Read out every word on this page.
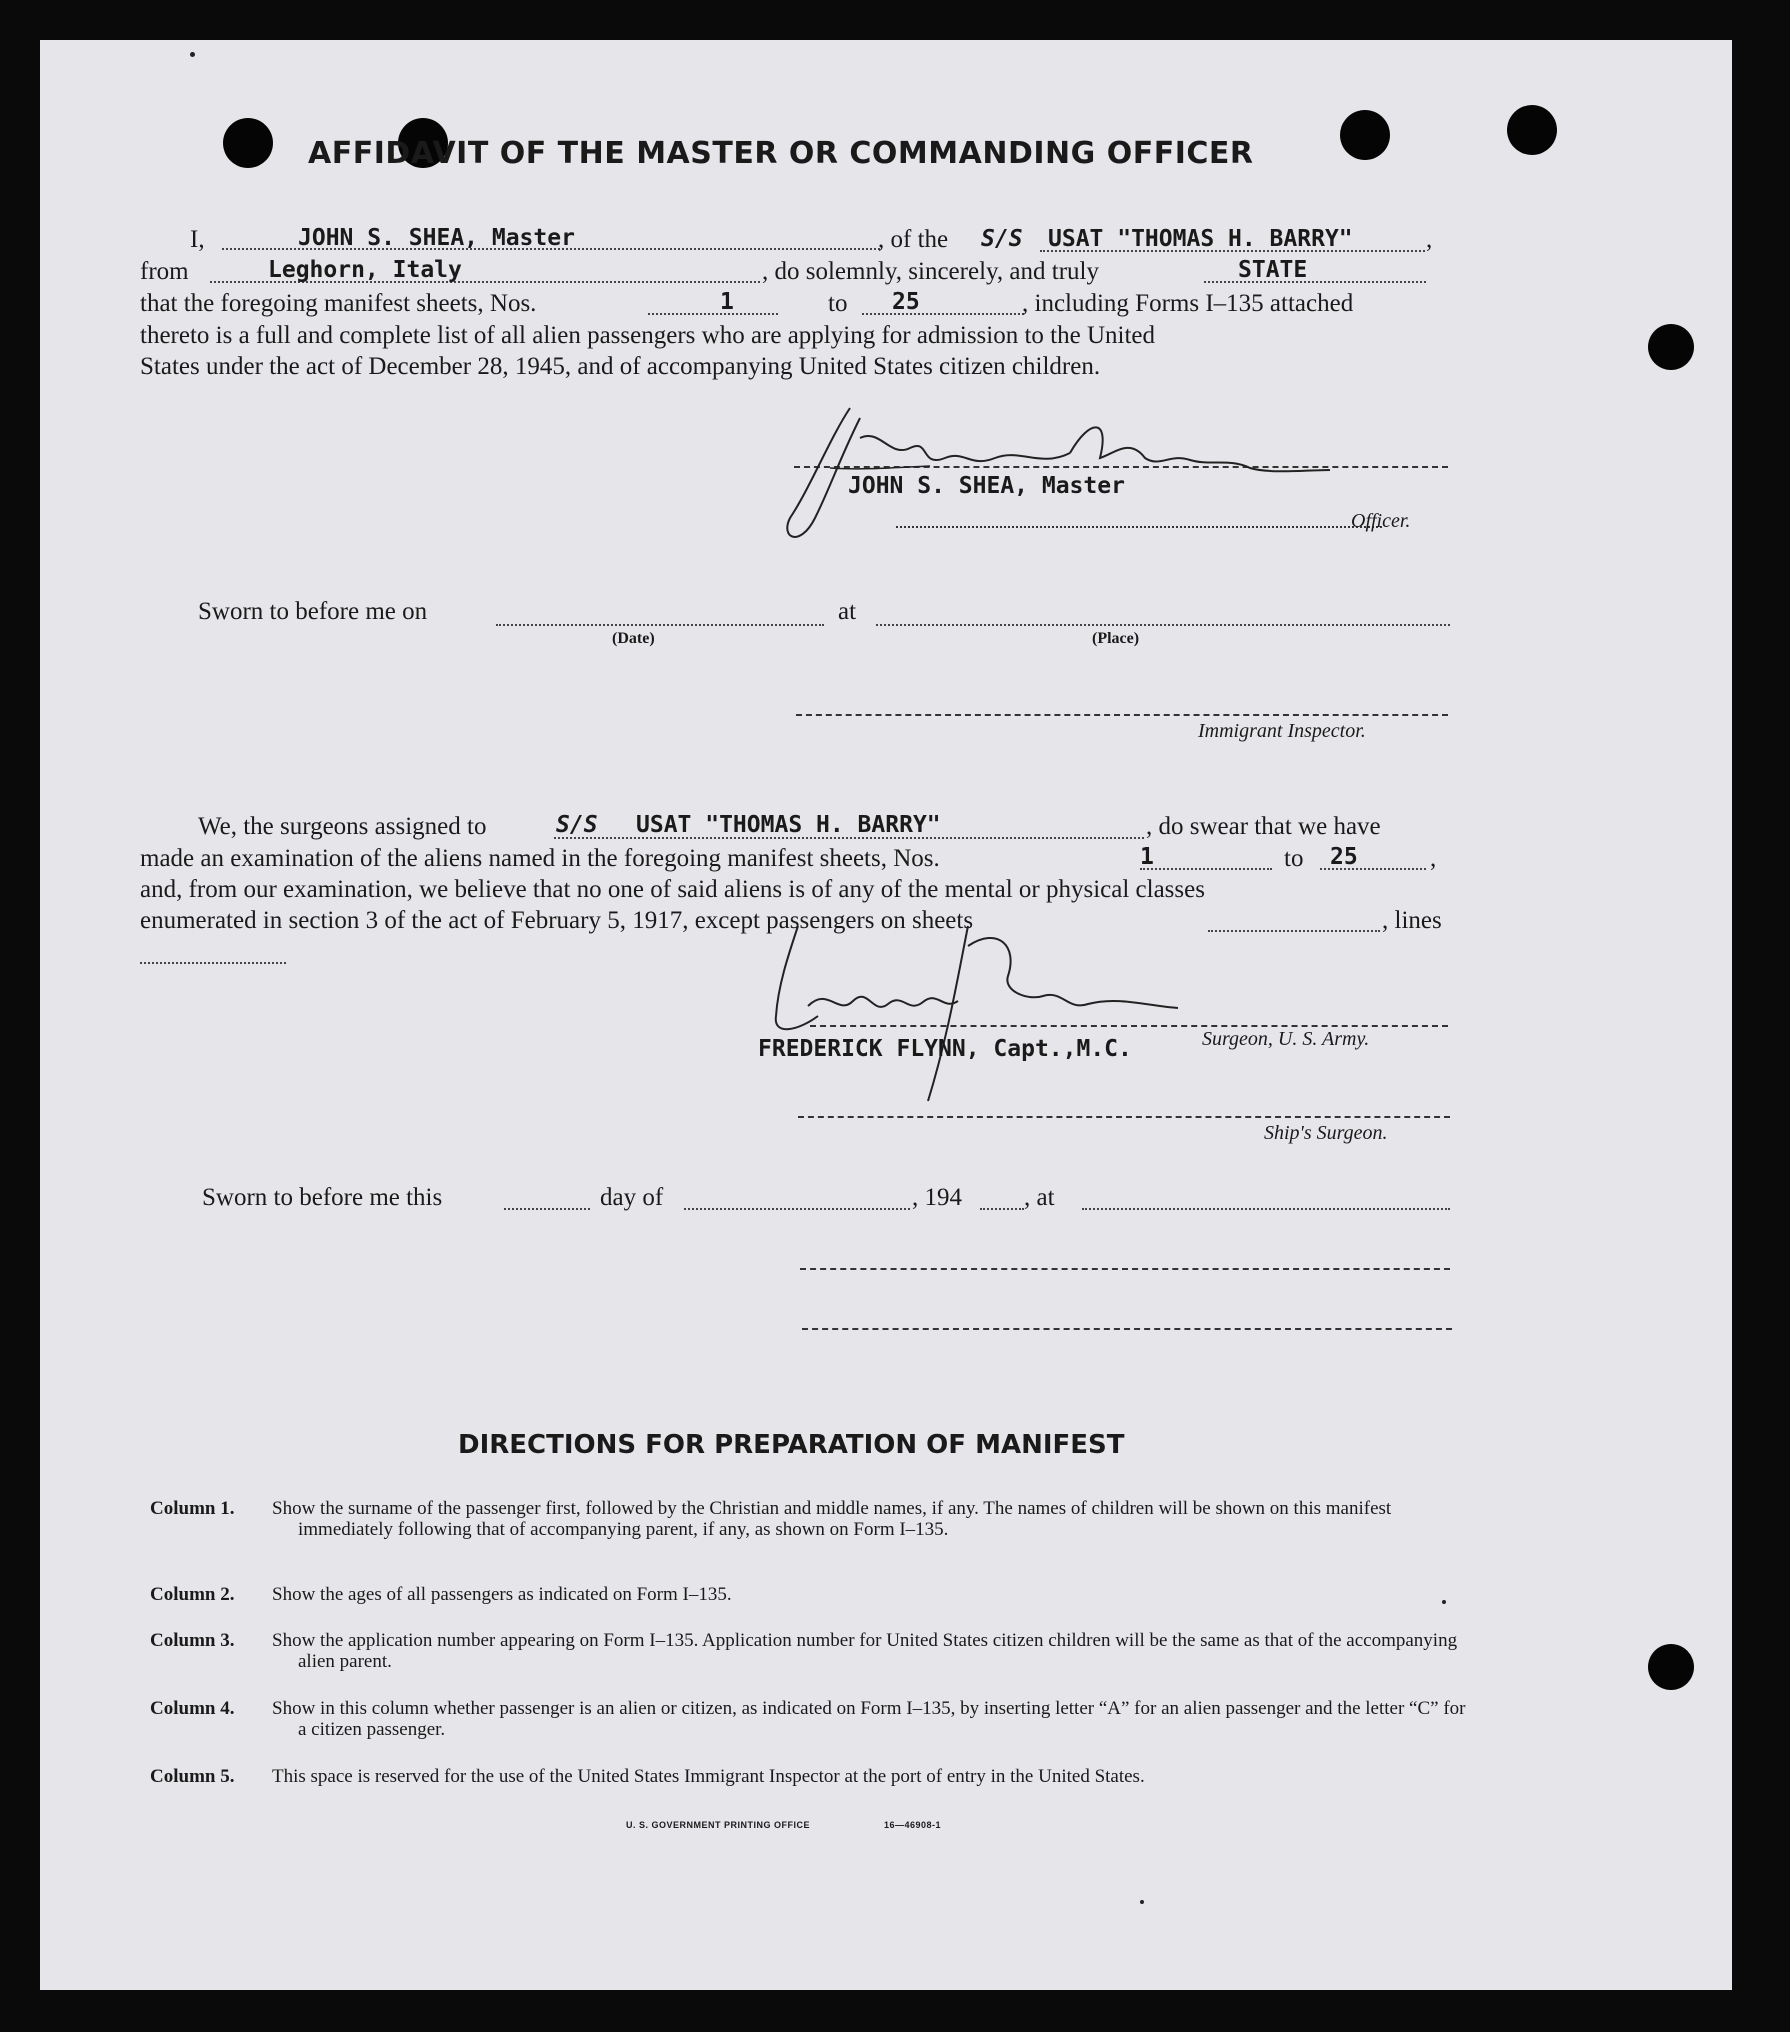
AFFIDAVIT OF THE MASTER OR COMMANDING OFFICER
I,	JOHN S. SHEA, Master	, of the S/S USAT "THOMAS H. BARRY"	,
from	Leghorn, Italy	, do solemnly, sincerely, and truly	STATE
that the foregoing manifest sheets, Nos.	1	to 25	, including Forms I–135 attached
thereto is a full and complete list of all alien passengers who are applying for admission to the United
States under the act of December 28, 1945, and of accompanying United States citizen children.
JOHN S. SHEA, Master
Officer.
Sworn to before me on
(Date)
at
(Place)
Immigrant Inspector.
We, the surgeons assigned to	S/S USAT "THOMAS H. BARRY"	, do swear that we have
made an examination of the aliens named in the foregoing manifest sheets, Nos.	1	to 25	,
and, from our examination, we believe that no one of said aliens is of any of the mental or physical classes
enumerated in section 3 of the act of February 5, 1917, except passengers on sheets	, lines
FREDERICK FLYNN, Capt.,M.C.	Surgeon, U. S. Army.
Ship's Surgeon.
Sworn to before me this	day of	, 194 , at
DIRECTIONS FOR PREPARATION OF MANIFEST
Column 1. Show the surname of the passenger first, followed by the Christian and middle names, if any. The names of children will be shown on this manifest immediately following that of accompanying parent, if any, as shown on Form I–135.
Column 2. Show the ages of all passengers as indicated on Form I–135.
Column 3. Show the application number appearing on Form I–135. Application number for United States citizen children will be the same as that of the accompanying alien parent.
Column 4. Show in this column whether passenger is an alien or citizen, as indicated on Form I–135, by inserting letter “A” for an alien passenger and the letter “C” for a citizen passenger.
Column 5. This space is reserved for the use of the United States Immigrant Inspector at the port of entry in the United States.
U. S. GOVERNMENT PRINTING OFFICE	16—46908-1
